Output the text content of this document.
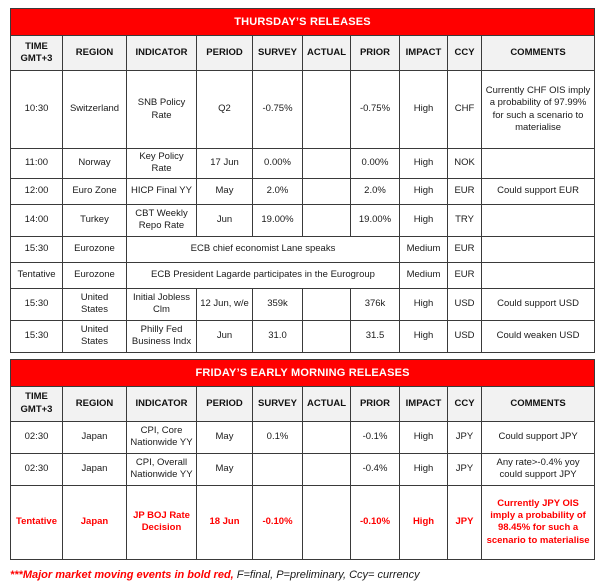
THURSDAY’S RELEASES									
TIME GMT+3	REGION	INDICATOR	PERIOD	SURVEY	ACTUAL	PRIOR	IMPACT	CCY	COMMENTS
10:30	Switzerland	SNB Policy Rate	Q2	-0.75%		-0.75%	High	CHF	Currently CHF OIS imply a probability of 97.99% for such a scenario to materialise
11:00	Norway	Key Policy Rate	17 Jun	0.00%		0.00%	High	NOK	
12:00	Euro Zone	HICP Final YY	May	2.0%		2.0%	High	EUR	Could support EUR
14:00	Turkey	CBT Weekly Repo Rate	Jun	19.00%		19.00%	High	TRY	
15:30	Eurozone	ECB chief economist Lane speaks					Medium	EUR	
Tentative	Eurozone	ECB President Lagarde participates in the Eurogroup					Medium	EUR	
15:30	United States	Initial Jobless Clm	12 Jun, w/e	359k		376k	High	USD	Could support USD
15:30	United States	Philly Fed Business Indx	Jun	31.0		31.5	High	USD	Could weaken USD
FRIDAY’S EARLY MORNING RELEASES									
TIME GMT+3	REGION	INDICATOR	PERIOD	SURVEY	ACTUAL	PRIOR	IMPACT	CCY	COMMENTS
02:30	Japan	CPI, Core Nationwide YY	May	0.1%		-0.1%	High	JPY	Could support JPY
02:30	Japan	CPI, Overall Nationwide YY	May			-0.4%	High	JPY	Any rate>-0.4% yoy could support JPY
Tentative	Japan	JP BOJ Rate Decision	18 Jun	-0.10%		-0.10%	High	JPY	Currently JPY OIS imply a probability of 98.45% for such a scenario to materialise
***Major market moving events in bold red, F=final, P=preliminary, Ccy= currency
